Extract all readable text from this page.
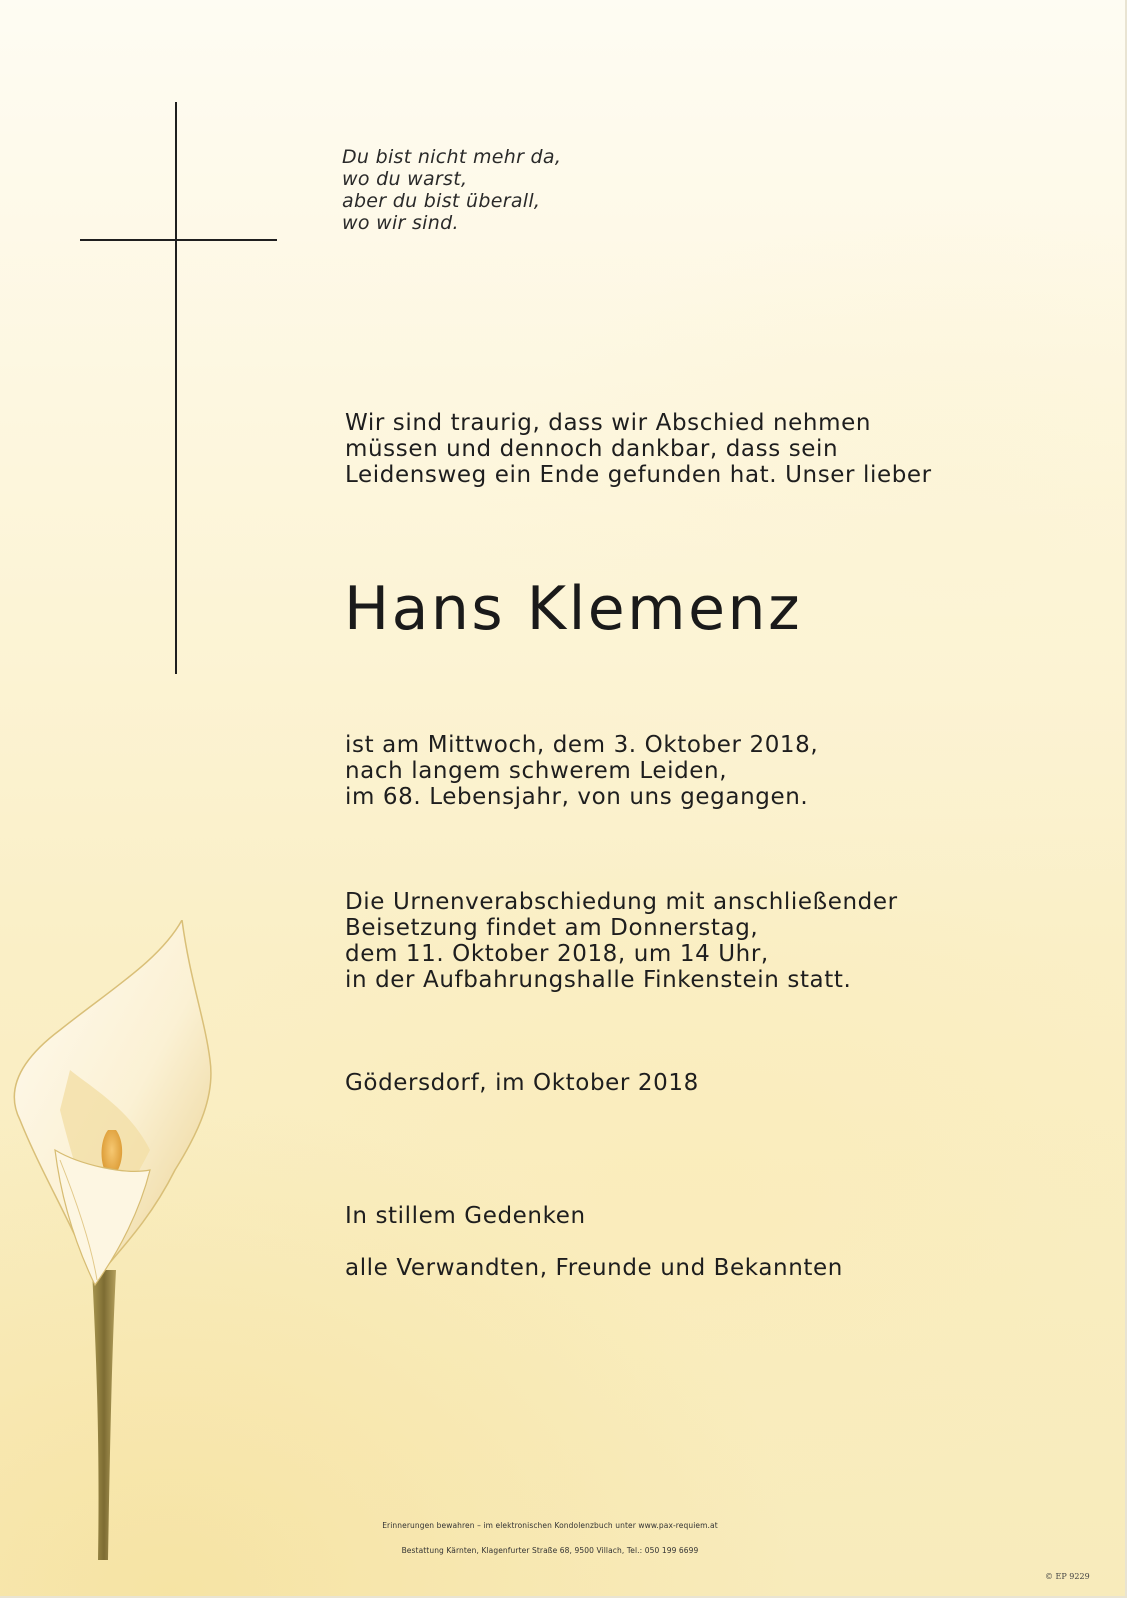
Du bist nicht mehr da,
wo du warst,
aber du bist überall,
wo wir sind.
Wir sind traurig, dass wir Abschied nehmen
müssen und dennoch dankbar, dass sein
Leidensweg ein Ende gefunden hat. Unser lieber
Hans Klemenz
ist am Mittwoch, dem 3. Oktober 2018,
nach langem schwerem Leiden,
im 68. Lebensjahr, von uns gegangen.
Die Urnenverabschiedung mit anschließender
Beisetzung findet am Donnerstag,
dem 11. Oktober 2018, um 14 Uhr,
in der Aufbahrungshalle Finkenstein statt.
Gödersdorf, im Oktober 2018
In stillem Gedenken
alle Verwandten, Freunde und Bekannten
Erinnerungen bewahren – im elektronischen Kondolenzbuch unter www.pax-requiem.at
Bestattung Kärnten, Klagenfurter Straße 68, 9500 Villach, Tel.: 050 199 6699
© EP 9229
